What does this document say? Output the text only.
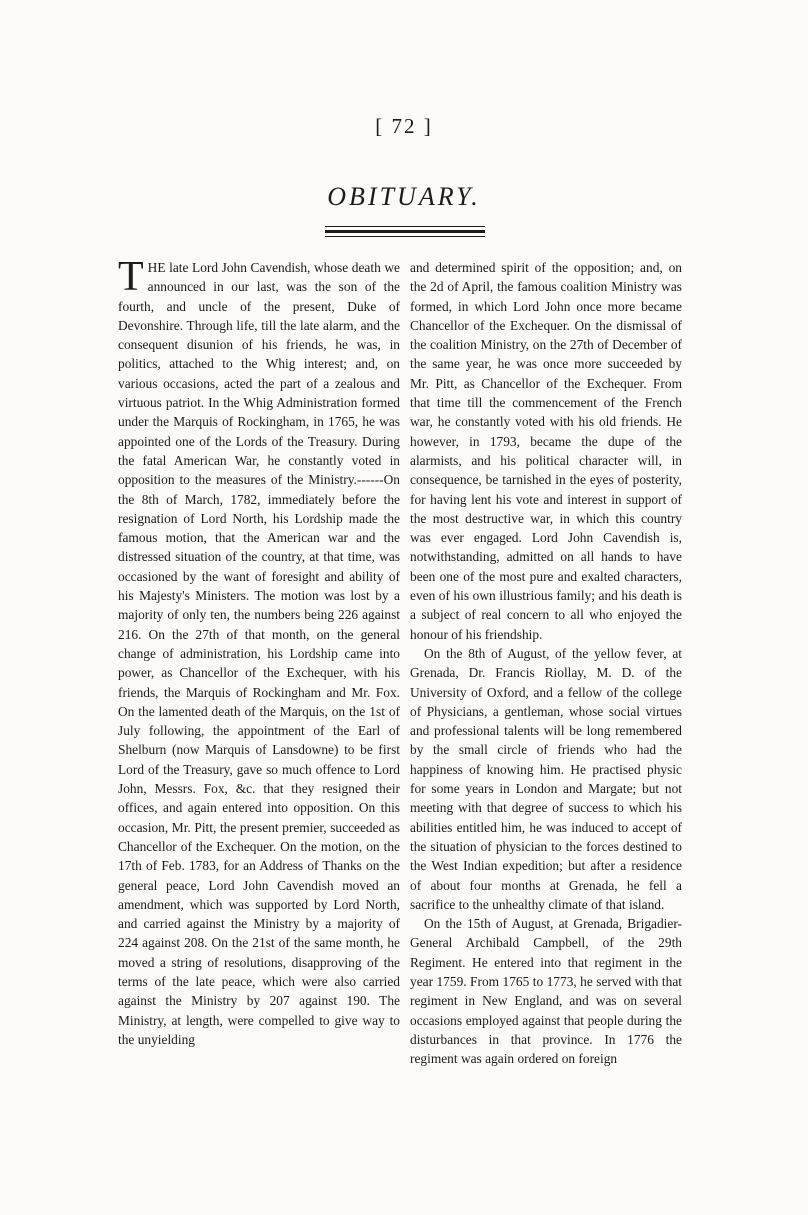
[ 72 ]
OBITUARY.

THE late Lord John Cavendish, whose death we announced in our last, was the son of the fourth, and uncle of the present, Duke of Devonshire. Through life, till the late alarm, and the consequent disunion of his friends, he was, in politics, attached to the Whig interest; and, on various occasions, acted the part of a zealous and virtuous patriot. In the Whig Administration formed under the Marquis of Rockingham, in 1765, he was appointed one of the Lords of the Treasury. During the fatal American War, he constantly voted in opposition to the measures of the Ministry.------On the 8th of March, 1782, immediately before the resignation of Lord North, his Lordship made the famous motion, that the American war and the distressed situation of the country, at that time, was occasioned by the want of foresight and ability of his Majesty's Ministers. The motion was lost by a majority of only ten, the numbers being 226 against 216. On the 27th of that month, on the general change of administration, his Lordship came into power, as Chancellor of the Exchequer, with his friends, the Marquis of Rockingham and Mr. Fox. On the lamented death of the Marquis, on the 1st of July following, the appointment of the Earl of Shelburn (now Marquis of Lansdowne) to be first Lord of the Treasury, gave so much offence to Lord John, Messrs. Fox, &c. that they resigned their offices, and again entered into opposition. On this occasion, Mr. Pitt, the present premier, succeeded as Chancellor of the Exchequer. On the motion, on the 17th of Feb. 1783, for an Address of Thanks on the general peace, Lord John Cavendish moved an amendment, which was supported by Lord North, and carried against the Ministry by a majority of 224 against 208. On the 21st of the same month, he moved a string of resolutions, disapproving of the terms of the late peace, which were also carried against the Ministry by 207 against 190. The Ministry, at length, were compelled to give way to the unyielding

and determined spirit of the opposition; and, on the 2d of April, the famous coalition Ministry was formed, in which Lord John once more became Chancellor of the Exchequer. On the dismissal of the coalition Ministry, on the 27th of December of the same year, he was once more succeeded by Mr. Pitt, as Chancellor of the Exchequer. From that time till the commencement of the French war, he constantly voted with his old friends. He however, in 1793, became the dupe of the alarmists, and his political character will, in consequence, be tarnished in the eyes of posterity, for having lent his vote and interest in support of the most destructive war, in which this country was ever engaged. Lord John Cavendish is, notwithstanding, admitted on all hands to have been one of the most pure and exalted characters, even of his own illustrious family; and his death is a subject of real concern to all who enjoyed the honour of his friendship.

On the 8th of August, of the yellow fever, at Grenada, Dr. Francis Riollay, M. D. of the University of Oxford, and a fellow of the college of Physicians, a gentleman, whose social virtues and professional talents will be long remembered by the small circle of friends who had the happiness of knowing him. He practised physic for some years in London and Margate; but not meeting with that degree of success to which his abilities entitled him, he was induced to accept of the situation of physician to the forces destined to the West Indian expedition; but after a residence of about four months at Grenada, he fell a sacrifice to the unhealthy climate of that island.

On the 15th of August, at Grenada, Brigadier-General Archibald Campbell, of the 29th Regiment. He entered into that regiment in the year 1759. From 1765 to 1773, he served with that regiment in New England, and was on several occasions employed against that people during the disturbances in that province. In 1776 the regiment was again ordered on foreign
